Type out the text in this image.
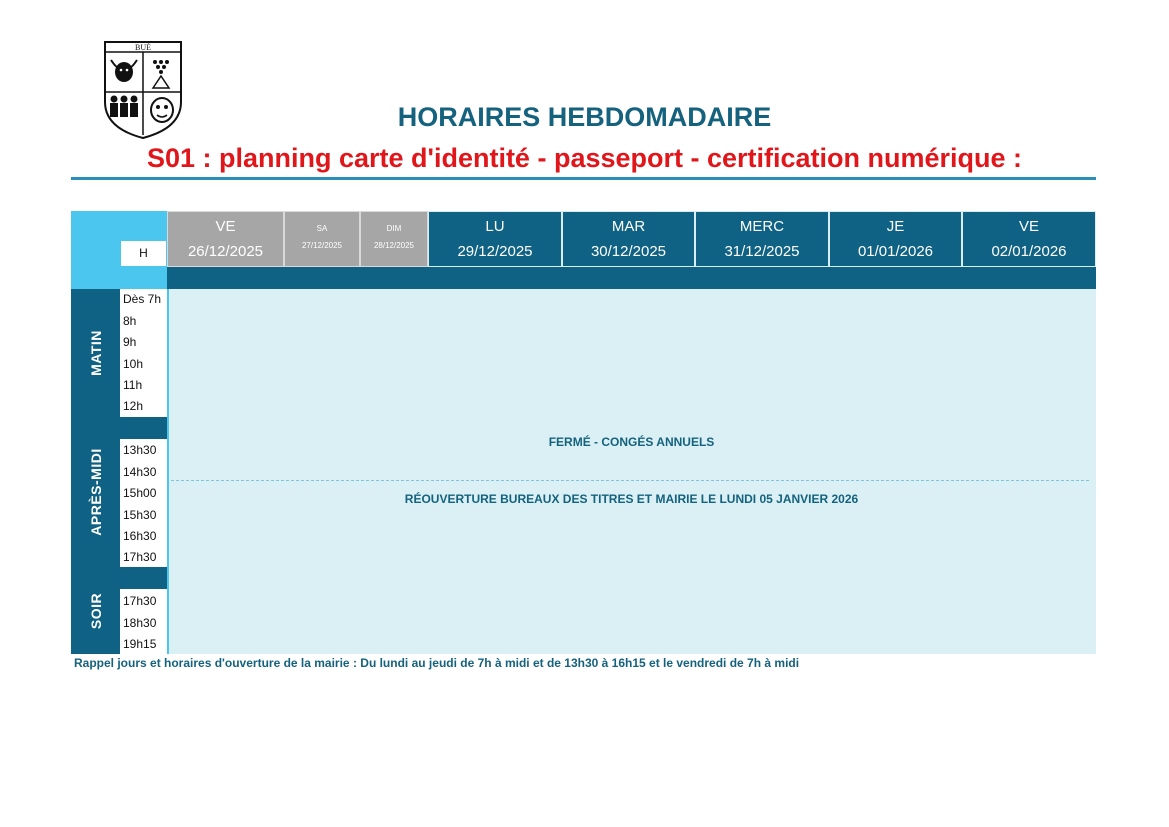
BUÉ
HORAIRES HEBDOMADAIRE
S01 : planning carte d'identité - passeport - certification numérique :
H
VE
26/12/2025
SA
27/12/2025
DIM
28/12/2025
LU
29/12/2025
MAR
30/12/2025
MERC
31/12/2025
JE
01/01/2026
VE
02/01/2026
MATIN
Dès 7h
8h
9h
10h
11h
12h
APRÈS-MIDI 13h30
14h30
15h00
15h30
16h30
17h30
SOIR 17h30
18h30
19h15
FERMÉ - CONGÉS ANNUELS
RÉOUVERTURE BUREAUX DES TITRES ET MAIRIE LE LUNDI 05 JANVIER 2026
Rappel jours et horaires d'ouverture de la mairie : Du lundi au jeudi de 7h à midi et de 13h30 à 16h15 et le vendredi de 7h à midi
